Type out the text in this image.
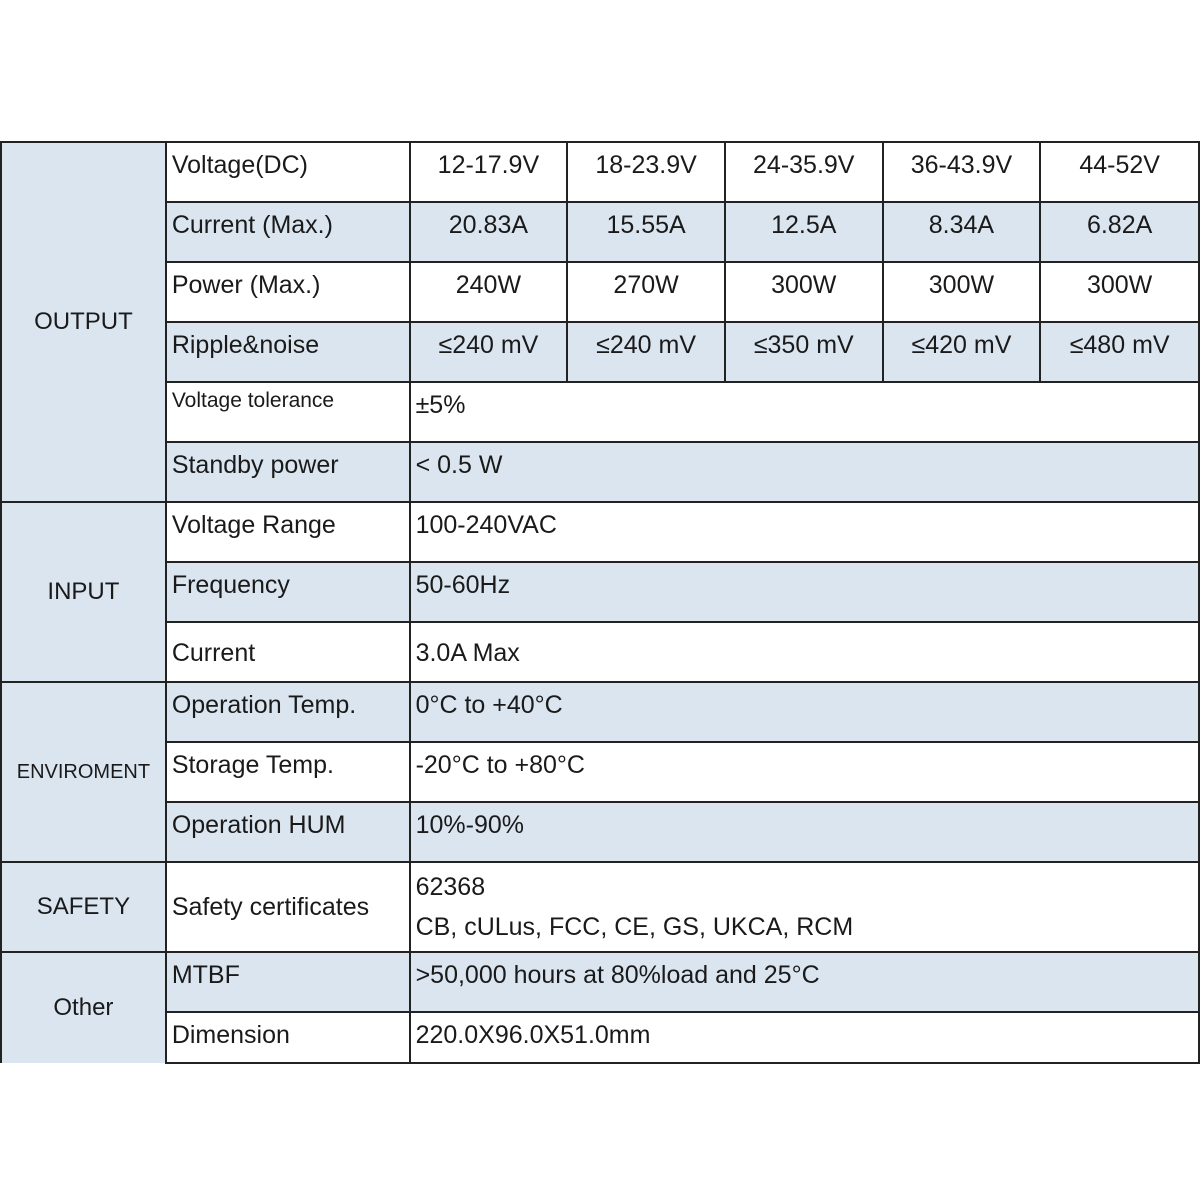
OUTPUT	Voltage(DC)	12-17.9V	18-23.9V	24-35.9V	36-43.9V	44-52V

	Current (Max.)	20.83A	15.55A	12.5A	8.34A	6.82A

	Power (Max.)	240W	270W	300W	300W	300W

	Ripple&noise	≤240 mV	≤240 mV	≤350 mV	≤420 mV	≤480 mV

	Voltage tolerance	±5%				

	Standby power	< 0.5 W				

INPUT	Voltage Range	100-240VAC				

	Frequency	50-60Hz				

	Current	3.0A Max				

ENVIROMENT	Operation Temp.	0°C to +40°C				

	Storage Temp.	-20°C to +80°C				

	Operation HUM	10%-90%				

SAFETY	Safety certificates	62368
CB, cULus, FCC, CE, GS, UKCA, RCM				

Other	MTBF	>50,000 hours at 80%load and 25°C				

	Dimension	220.0X96.0X51.0mm				
